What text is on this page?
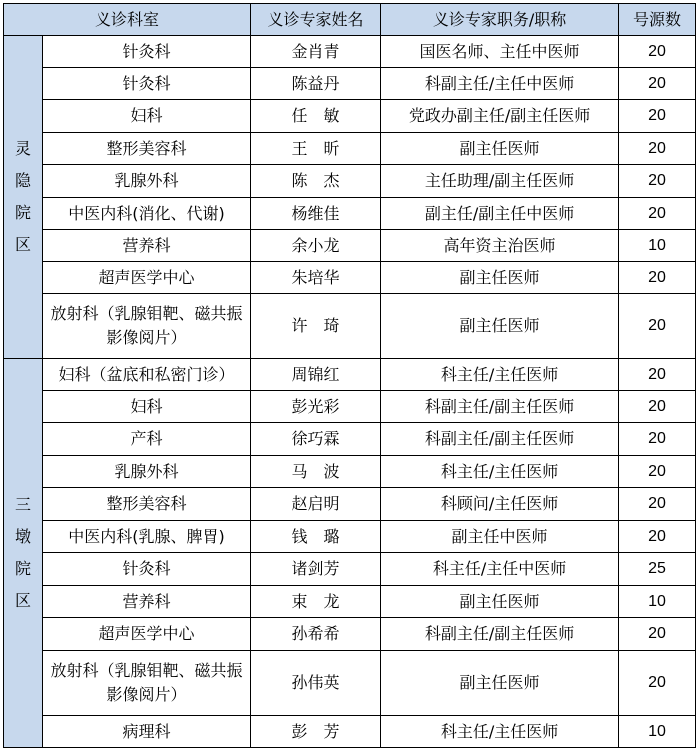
义诊科室		义诊专家姓名	义诊专家职务/职称	号源数
灵隐院区	针灸科	金肖青	国医名师、主任中医师	20
	针灸科	陈益丹	科副主任/主任中医师	20
	妇科	任　敏	党政办副主任/副主任医师	20
	整形美容科	王　昕	副主任医师	20
	乳腺外科	陈　杰	主任助理/副主任医师	20
	中医内科(消化、代谢)	杨维佳	副主任/副主任中医师	20
	营养科	余小龙	高年资主治医师	10
	超声医学中心	朱培华	副主任医师	20
	放射科（乳腺钼靶、磁共振影像阅片）	许　琦	副主任医师	20
三墩院区	妇科（盆底和私密门诊）	周锦红	科主任/主任医师	20
	妇科	彭光彩	科副主任/副主任医师	20
	产科	徐巧霖	科副主任/副主任医师	20
	乳腺外科	马　波	科主任/主任医师	20
	整形美容科	赵启明	科顾问/主任医师	20
	中医内科(乳腺、脾胃)	钱　璐	副主任中医师	20
	针灸科	诸剑芳	科主任/主任中医师	25
	营养科	束　龙	副主任医师	10
	超声医学中心	孙希希	科副主任/副主任医师	20
	放射科（乳腺钼靶、磁共振影像阅片）	孙伟英	副主任医师	20
	病理科	彭　芳	科主任/主任医师	10
